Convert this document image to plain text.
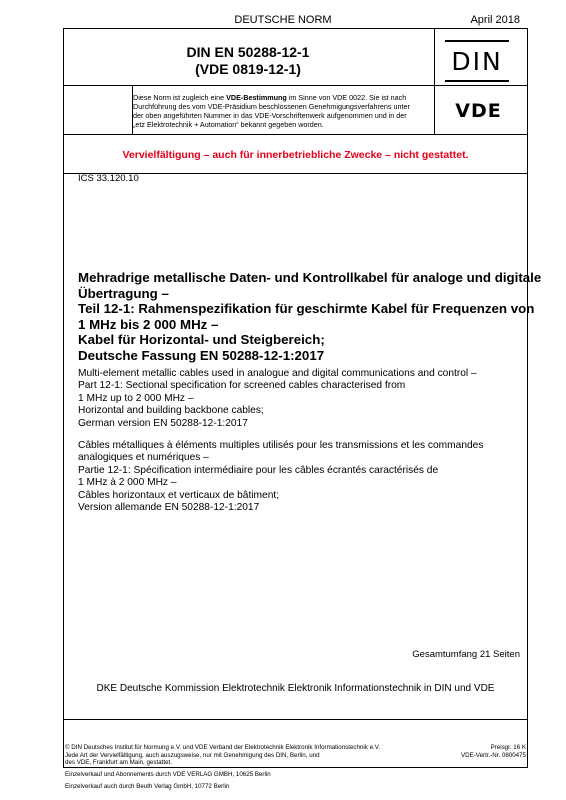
DEUTSCHE NORM	April 2018
DIN EN 50288-12-1
(VDE 0819-12-1)	DIN
Diese Norm ist zugleich eine VDE-Bestimmung im Sinne von VDE 0022. Sie ist nach
Durchführung des vom VDE-Präsidium beschlossenen Genehmigungsverfahrens unter
der oben angeführten Nummer in das VDE-Vorschriftenwerk aufgenommen und in der
„etz Elektrotechnik + Automation“ bekannt gegeben worden.
VDE
Vervielfältigung – auch für innerbetriebliche Zwecke – nicht gestattet.
ICS 33.120.10
Mehradrige metallische Daten- und Kontrollkabel für analoge und digitale
Übertragung –
Teil 12-1: Rahmenspezifikation für geschirmte Kabel für Frequenzen von
1 MHz bis 2 000 MHz –
Kabel für Horizontal- und Steigbereich;
Deutsche Fassung EN 50288-12-1:2017
Multi-element metallic cables used in analogue and digital communications and control –
Part 12-1: Sectional specification for screened cables characterised from
1 MHz up to 2 000 MHz –
Horizontal and building backbone cables;
German version EN 50288-12-1:2017
Câbles métalliques à éléments multiples utilisés pour les transmissions et les commandes
analogiques et numériques –
Partie 12-1: Spécification intermédiaire pour les câbles écrantés caractérisés de
1 MHz à 2 000 MHz –
Câbles horizontaux et verticaux de bâtiment;
Version allemande EN 50288-12-1:2017
Gesamtumfang 21 Seiten
DKE Deutsche Kommission Elektrotechnik Elektronik Informationstechnik in DIN und VDE
© DIN Deutsches Institut für Normung e.V. und VDE Verband der Elektrotechnik Elektronik Informationstechnik e.V.
Jede Art der Vervielfältigung, auch auszugsweise, nur mit Genehmigung des DIN, Berlin, und
des VDE, Frankfurt am Main, gestattet.
Preisgr. 16 K
VDE-Vertr.-Nr. 0800475
Einzelverkauf und Abonnements durch VDE VERLAG GMBH, 10625 Berlin
Einzelverkauf auch durch Beuth Verlag GmbH, 10772 Berlin
